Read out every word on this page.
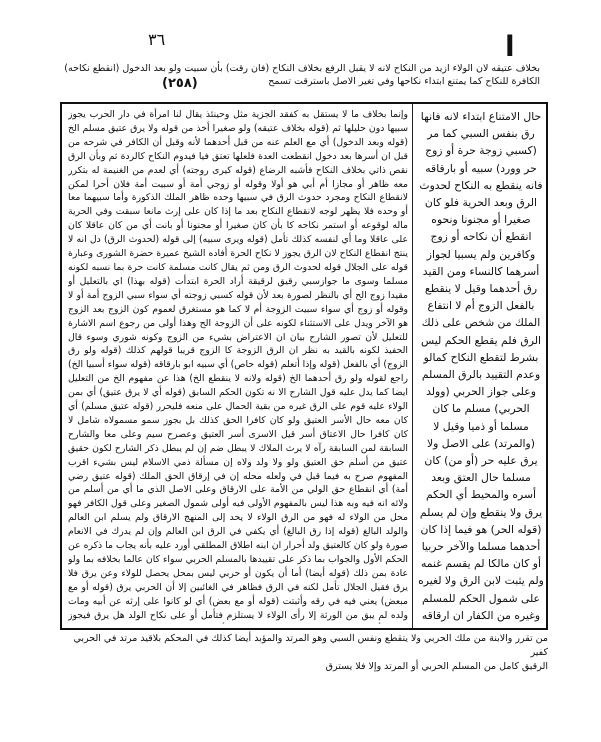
ا
٣٦
بخلاف عتيقه لان الولاء ازيد من النكاح لانه لا يقبل الرفع بخلاف النكاح (فان رقت) بأن سبيت ولو بعد الدخول (انقطع نكاحه)
الكافرة للنكاح كما يمتنع ابتداء نكاحها وفي تغير الاصل باسترقت تسمح
(٢٥٨)

وإنما بخلاف ما لا يستقل به كفقد الجزية مثل وحينئذ يقال لنا امرأة في دار الحرب يجوز سبيها دون حليلها ثم (قوله بخلاف عتيقه) ولو صغيرا أخذ من قوله ولا يرق عتيق مسلم الخ (قوله وبعد الدخول) أي مع العلم عنه من قبل أحدهما لأنه وقبل أن الكافر في شرحه من قبل ان أسرها بعد دخول انقطعت العدة فلعلها تعتق فيا فيدوم النكاح كالردة ثم وبأن الرق نقص ذاتي بخلاف النكاح فأشبه الرضاع (قوله كيرى روجته) أي لعدم من الغنيمة له بتكرر معه ظاهر أو مجازا أم أبي هو أولا وقوله أو زوجي أمة أو سبيت أمة فلان أحرا لمكن لانقطاع النكاح ومجرد حدوث الرق في سبيها وحده ظاهر الملك الذكورة وأما سبيهما معا أو وحده فلا يظهر لوجه لانقطاع النكاح بعد ما إذا كان على إرث مانعا سبقت وفي الحرية ماله لوقوعه أو استمر نكاحه كا بأن كان صغيرا أو مجنونا أو بانت أي من كان عاقلا كان على عاقلا وما أي لنفسه كذلك تأمل (قوله ويرى سبيه) إلى قوله (لحدوث الرق) دل انه لا ينتج انقطاع النكاح لان الرق يجوز لا نكاح الحرة أفاده الشيخ عميرة حضرة الشورى وعبارة قوله على الجلال قوله لحدوث الرق ومن ثم يقال كانت مسلمة كانت حرة بما نسبه لكونه مسلما وسوى ما جوازسبي رقيق لرقيقة أراد الحرة ابتدأت (قوله بهذا) اي بالتعليل أو مقيدا زوج الح أي بالنظر لصورة بعد لأن قوله كسبي زوجته أي سواء سبي الزوج أمة أو لا وقوله أو زوج أي سواء سبيت الزوجة أم لا كما هو مستغرق لعموم كون الزوج بعد الزوج هو الآخر ويدل على الاستثناء لكونه على أن الزوجة الح وهذا أولى من رجوع اسم الاشارة للتعليل لأن تصور الشارح بيان ان الاعتراض بشيء من الزوج وكونه شوري وسوء قال الحفيذ لكونه بالقيد به نظر ان الرق الزوجة كا الزوج قريبا قولهم كذلك (قوله ولو رق الزوج) أي بالفعل (قوله وإذا أتعلم (قوله حاص) أي سبيه ابو بارقاقه (قوله سواء أسبيا الخ) راجع لقوله ولو رق أحدهما الخ (قوله ولانه لا ينقطع الخ) هذا عن مفهوم الخ من التعليل ايضا كما يدل عليه قول الشارح الا نه تكون الحكم السابق (قوله أي لا يرق عتيق) أي بمن الولاء عليه قوم على الرق غيره من بقية الحمال على منعه فليحرر (قوله عتيق مسلم) أي كان معه حال الأسر العتيق ولو كان كافرا الحق كذلك بل بجوز سمو مسمولاه شامل لا كان كافرا حال الاعتاق أسر قيل الاسرى أسر العتيق وعصرح سيم وعلى معا والشارح السابقة لمن السابقة رآه لا يرث الملاك لا يبطل ضم إن لم يبطل ذكر الشارح لكون حقيق عتيق من أسلم حق العتيق ولو ولا ولد ولاه إن مسألة ذمي الاسلام ليس بشيء اقرب المفهوم صرح به فيما قبل في ولعله محله إن في إرقاق الحق الملك (قوله عتيق رضي أمة) أي انقطاع حق الولي من الأمة على الارقاق وعلى الاصل الذي ما أي من أسلم من ولائه انه فيه وبه هذا ليس بالمفهوم الأولى فيه أولى شمول الصغير وعلى قول الكافر فهو محل من الولاء له فهو من الرق الولاء لا يحد إلى المنهج الارقاق ولم يسلم ابن العالم والولد البالغ (قوله إذا رق البالغ) أي يكفي في الرق ابن العالم وإن لم يدرك في الانعام صورة ولو كان كالعتيق ولد أحرار ان ابنه اطلاق المطلقي أورد عليه بأنه يجاب ما ذكره عن الحكم الأول والجواب بما ذكر على تقييدها بالمسلم الحربي سواء كان عالما بخلافه بما ولو عادة بمن ذلك (قوله أيضا) أما أن يكون أو حربي ليس بمحل يحصل للولاء وعن يرق فلا يرق فقيل الجلال تأمل لكنه في الرق فظاهر في الغائبين إلا أن الحربي يرق (قوله أو مع مبعض) يعني فيه في رقه وأثبتت (قوله أو مع بعض) أي لو كانوا على إرثه عن أبيه ومات ولده لم يبق من الورثة إلا رأى الولاء لا يستلزم فتأمل أو على نكاح الولد هل يرق فيجوز

حال الامتناع ابتداء لانه فانها رق بنفس السبي كما مر (كسبي زوجة حرة أو زوج حر وورد) سبيه أو بارقاقه فانه ينقطع به النكاح لحدوث الرق وبعد الحرية فلو كان صغيرا أو مجنونا ونحوه انقطع أن نكاحه أو زوج وكافرين ولم يسبيا لجواز أسرهما كالنساء ومن القيد رق أحدهما وقيل لا ينقطع بالفعل الزوج أم لا انتفاع الملك من شخص على ذلك الرق فلم يقطع الحكم ليس بشرط لتقطع النكاح كمالو وعدم التقييد بالرق المسلم وعلى جواز الحربي (وولد الحربي) مسلم ما كان مسلما أو ذميا وقيل لا (والمرتد) على الاصل ولا يرق عليه حر (أو من) كان مسلما حال العتق وبعد أسره والمحيط أي الحكم يرق ولا ينقطع وإن لم يسلم (قوله الحر) هو فيما إذا كان أحدهما مسلما والآخر حربيا أو كان مالكا لم يقسم غنمه ولم يثبت لابن الرق ولا لغيره على شمول الحكم للمسلم وغيره من الكفار ان ارقاقه

من تقرر والابنة من ملك الحربي ولا يتقطع ونفس السبي وهو المرتد والمؤبد أيضا كذلك في المحكم بلاقيد مرتد في الحربي كفير
الرقيق كامل من المسلم الحربي أو المرتد وإلا فلا يسترق
